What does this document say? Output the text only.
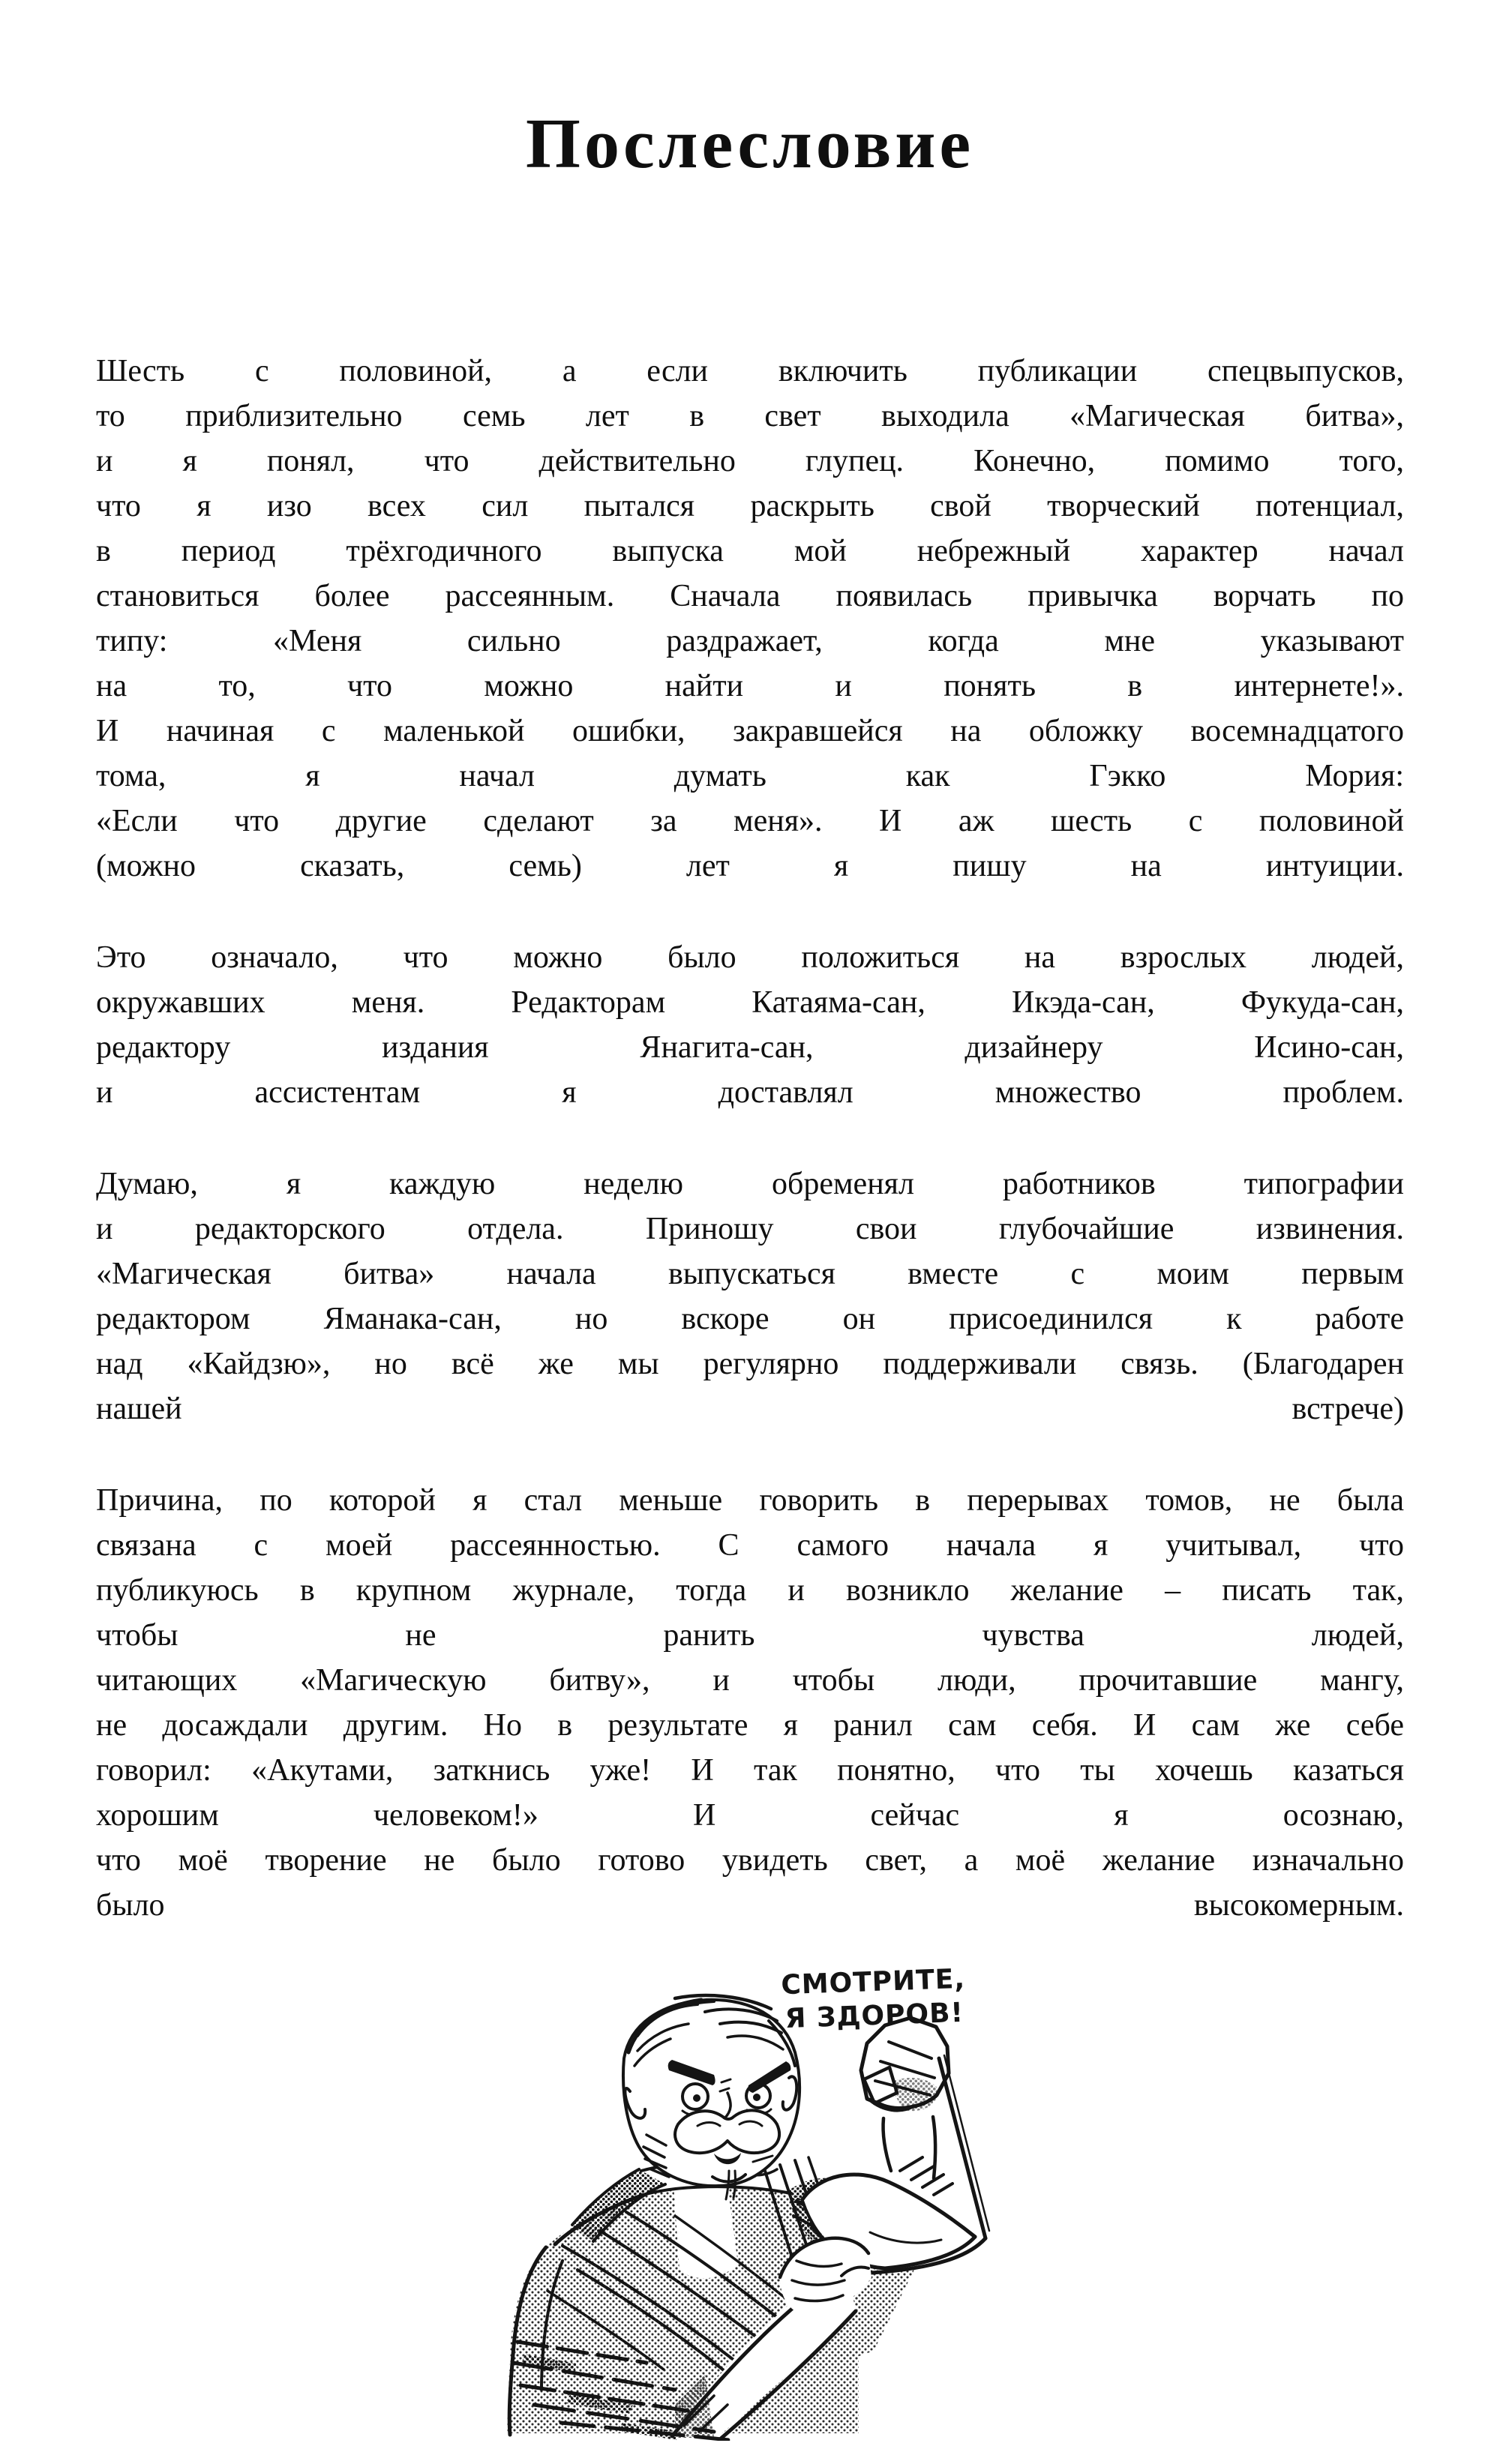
Послесловие
Шесть с половиной, а если включить публикации спецвыпусков,
то приблизительно семь лет в свет выходила «Магическая битва»,
и я понял, что действительно глупец. Конечно, помимо того,
что я изо всех сил пытался раскрыть свой творческий потенциал,
в период трёхгодичного выпуска мой небрежный характер начал
становиться более рассеянным. Сначала появилась привычка ворчать по
типу: «Меня сильно раздражает, когда мне указывают
на то, что можно найти и понять в интернете!».
И начиная с маленькой ошибки, закравшейся на обложку восемнадцатого
тома, я начал думать как Гэкко Мория:
«Если что другие сделают за меня». И аж шесть с половиной
(можно сказать, семь) лет я пишу на интуиции.
Это означало, что можно было положиться на взрослых людей,
окружавших меня. Редакторам Катаяма-сан, Икэда-сан, Фукуда-сан,
редактору издания Янагита-сан, дизайнеру Исино-сан,
и ассистентам я доставлял множество проблем.
Думаю, я каждую неделю обременял работников типографии
и редакторского отдела. Приношу свои глубочайшие извинения.
«Магическая битва» начала выпускаться вместе с моим первым
редактором Яманака-сан, но вскоре он присоединился к работе
над «Кайдзю», но всё же мы регулярно поддерживали связь. (Благодарен
нашей встрече)
Причина, по которой я стал меньше говорить в перерывах томов, не была
связана с моей рассеянностью. С самого начала я учитывал, что
публикуюсь в крупном журнале, тогда и возникло желание – писать так,
чтобы не ранить чувства людей,
читающих «Магическую битву», и чтобы люди, прочитавшие мангу,
не досаждали другим. Но в результате я ранил сам себя. И сам же себе
говорил: «Акутами, заткнись уже! И так понятно, что ты хочешь казаться
хорошим человеком!» И сейчас я осознаю,
что моё творение не было готово увидеть свет, а моё желание изначально
было высокомерным.
СМОТРИТЕ,
Я ЗДОРОВ!
